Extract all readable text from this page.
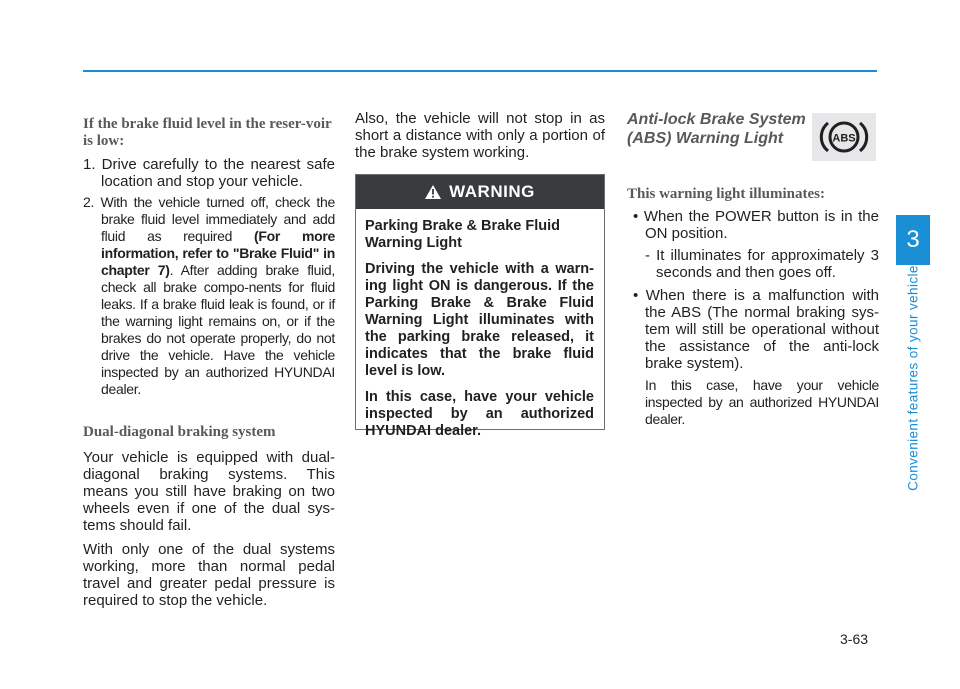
If the brake fluid level in the reser-voir is low:

1. Drive carefully to the nearest safe location and stop your vehicle.

2. With the vehicle turned off, check the brake fluid level immediately and add fluid as required (For more information, refer to "Brake Fluid" in chapter 7). After adding brake fluid, check all brake compo-nents for fluid leaks. If a brake fluid leak is found, or if the warning light remains on, or if the brakes do not operate properly, do not drive the vehicle. Have the vehicle inspected by an authorized HYUNDAI dealer.

Dual-diagonal braking system

Your vehicle is equipped with dual-diagonal braking systems. This means you still have braking on two wheels even if one of the dual sys-tems should fail.

With only one of the dual systems working, more than normal pedal travel and greater pedal pressure is required to stop the vehicle.

Also, the vehicle will not stop in as short a distance with only a portion of the brake system working.

WARNING

Parking Brake & Brake Fluid Warning Light

Driving the vehicle with a warn-ing light ON is dangerous. If the Parking Brake & Brake Fluid Warning Light illuminates with the parking brake released, it indicates that the brake fluid level is low.

In this case, have your vehicle inspected by an authorized HYUNDAI dealer.

Anti-lock Brake System (ABS) Warning Light	ABS
This warning light illuminates:

• When the POWER button is in the ON position.

- It illuminates for approximately 3 seconds and then goes off.

• When there is a malfunction with the ABS (The normal braking sys-tem will still be operational without the assistance of the anti-lock brake system).

In this case, have your vehicle inspected by an authorized HYUNDAI dealer.

3
Convenient features of your vehicle
3-63
